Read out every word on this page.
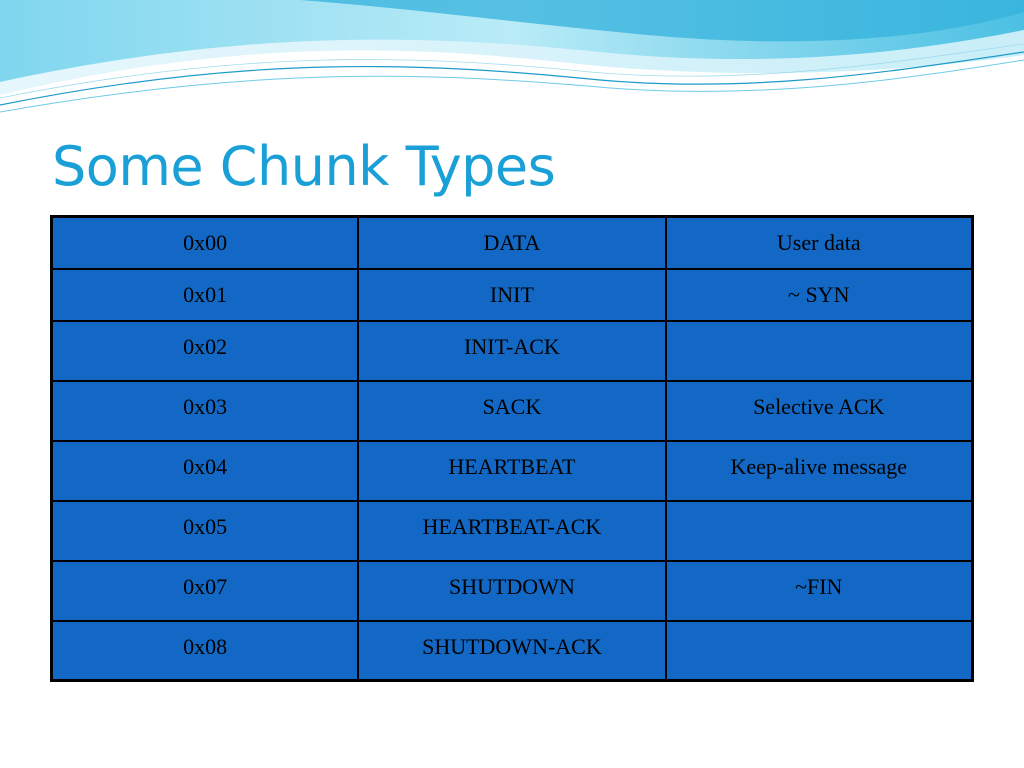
Some Chunk Types
0x00	DATA	User data
0x01	INIT	~ SYN
0x02	INIT-ACK	
0x03	SACK	Selective ACK
0x04	HEARTBEAT	Keep-alive message
0x05	HEARTBEAT-ACK	
0x07	SHUTDOWN	~FIN
0x08	SHUTDOWN-ACK	
